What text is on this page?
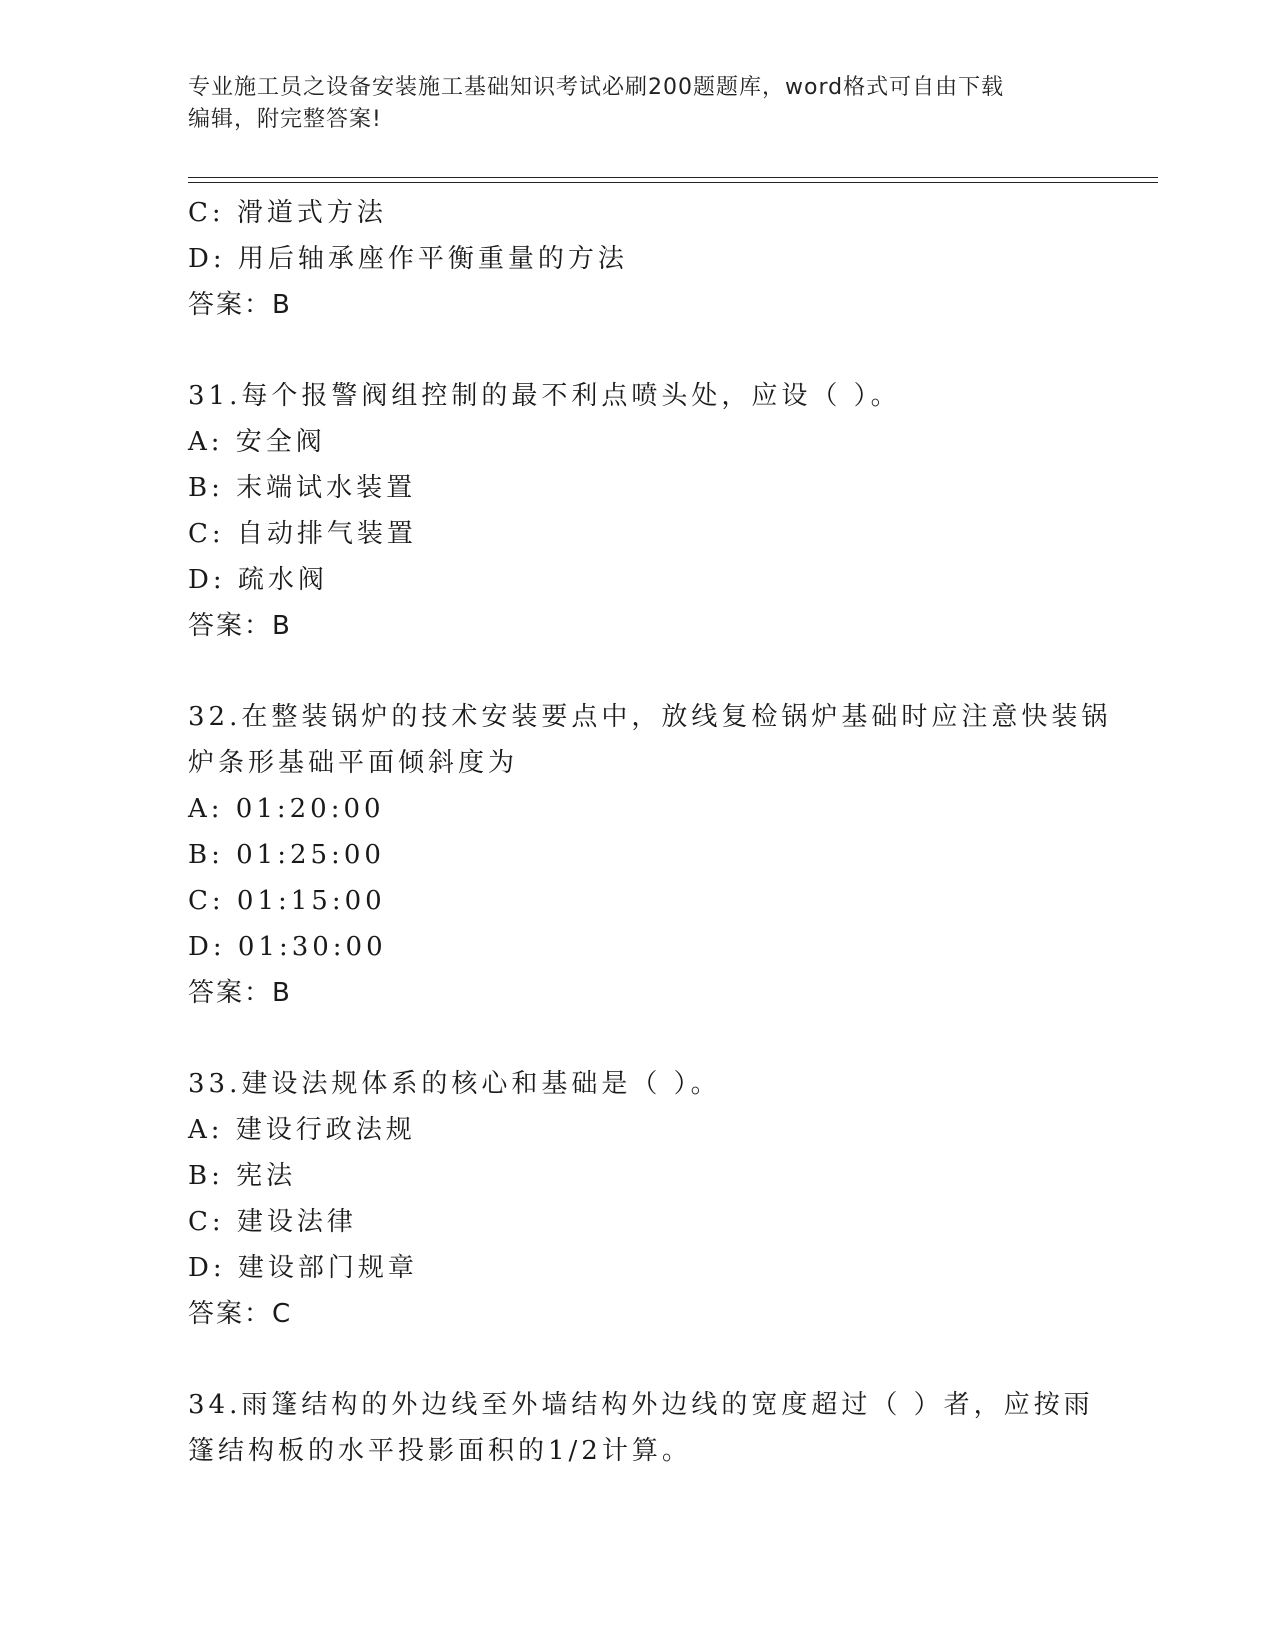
专业施工员之设备安装施工基础知识考试必刷200题题库，word格式可自由下载
编辑，附完整答案!
C: 滑道式方法
D: 用后轴承座作平衡重量的方法
答案：B
31.每个报警阀组控制的最不利点喷头处，应设（ ）。
A: 安全阀
B: 末端试水装置
C: 自动排气装置
D: 疏水阀
答案：B
32.在整装锅炉的技术安装要点中，放线复检锅炉基础时应注意快装锅
炉条形基础平面倾斜度为
A: 01:20:00
B: 01:25:00
C: 01:15:00
D: 01:30:00
答案：B
33.建设法规体系的核心和基础是（ ）。
A: 建设行政法规
B: 宪法
C: 建设法律
D: 建设部门规章
答案：C
34.雨篷结构的外边线至外墙结构外边线的宽度超过（ ）者，应按雨
篷结构板的水平投影面积的1/2计算。
